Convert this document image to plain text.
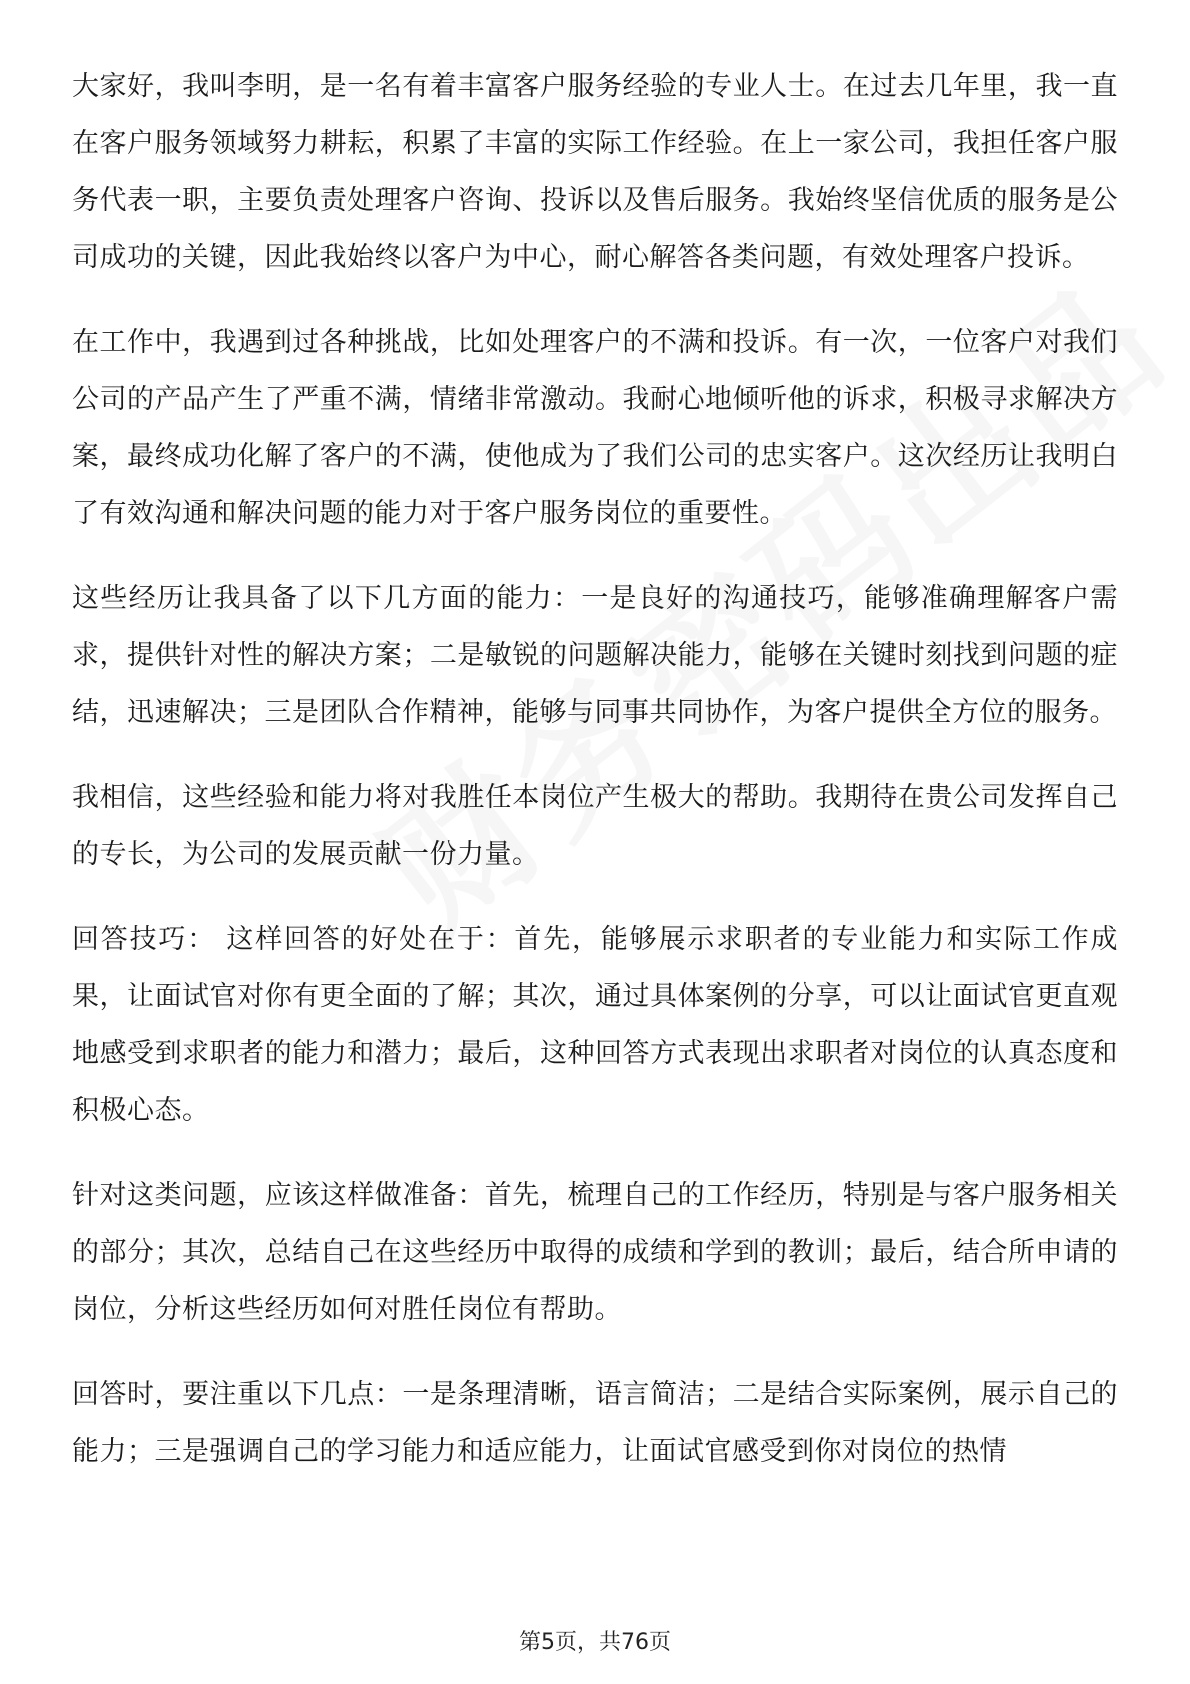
大家好，我叫李明，是一名有着丰富客户服务经验的专业人士。在过去几年里，我一直在客户服务领域努力耕耘，积累了丰富的实际工作经验。在上一家公司，我担任客户服务代表一职，主要负责处理客户咨询、投诉以及售后服务。我始终坚信优质的服务是公司成功的关键，因此我始终以客户为中心，耐心解答各类问题，有效处理客户投诉。

在工作中，我遇到过各种挑战，比如处理客户的不满和投诉。有一次，一位客户对我们公司的产品产生了严重不满，情绪非常激动。我耐心地倾听他的诉求，积极寻求解决方案，最终成功化解了客户的不满，使他成为了我们公司的忠实客户。这次经历让我明白了有效沟通和解决问题的能力对于客户服务岗位的重要性。

这些经历让我具备了以下几方面的能力：一是良好的沟通技巧，能够准确理解客户需求，提供针对性的解决方案；二是敏锐的问题解决能力，能够在关键时刻找到问题的症结，迅速解决；三是团队合作精神，能够与同事共同协作，为客户提供全方位的服务。

我相信，这些经验和能力将对我胜任本岗位产生极大的帮助。我期待在贵公司发挥自己的专长，为公司的发展贡献一份力量。

回答技巧： 这样回答的好处在于：首先，能够展示求职者的专业能力和实际工作成果，让面试官对你有更全面的了解；其次，通过具体案例的分享，可以让面试官更直观地感受到求职者的能力和潜力；最后，这种回答方式表现出求职者对岗位的认真态度和积极心态。

针对这类问题，应该这样做准备：首先，梳理自己的工作经历，特别是与客户服务相关的部分；其次，总结自己在这些经历中取得的成绩和学到的教训；最后，结合所申请的岗位，分析这些经历如何对胜任岗位有帮助。

回答时，要注重以下几点：一是条理清晰，语言简洁；二是结合实际案例，展示自己的能力；三是强调自己的学习能力和适应能力，让面试官感受到你对岗位的热情

第5页，共76页
